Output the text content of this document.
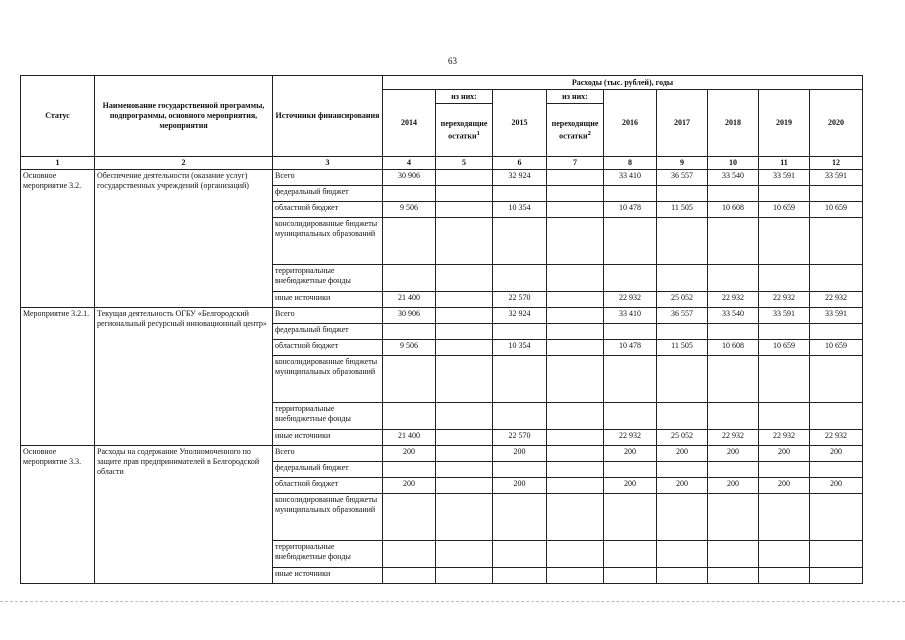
63
Статус	Наименование государственной программы, подпрограммы, основного мероприятия, мероприятия	Источники финансирования	Расходы (тыс. рублей), годы								
			2014	из них:	2015	из них:	2016	2017	2018	2019	2020
				переходящие остатки$^1$		переходящие остатки$^2$
1	2	3	4	5	6	7	8	9	10	11	12
Основное мероприятие 3.2.	Обеспечение деятельности (оказание услуг) государственных учреждений (организаций)	Всего	30 906		32 924		33 410	36 557	33 540	33 591	33 591
		федеральный бюджет									
		областной бюджет	9 506		10 354		10 478	11 505	10 608	10 659	10 659
		консолидированные бюджеты муниципальных образований									
		территориальные внебюджетные фонды									
		иные источники	21 400		22 570		22 932	25 052	22 932	22 932	22 932
Мероприятие 3.2.1.	Текущая деятельность ОГБУ «Белгородский региональный ресурсный инновационный центр»	Всего	30 906		32 924		33 410	36 557	33 540	33 591	33 591
		федеральный бюджет									
		областной бюджет	9 506		10 354		10 478	11 505	10 608	10 659	10 659
		консолидированные бюджеты муниципальных образований									
		территориальные внебюджетные фонды									
		иные источники	21 400		22 570		22 932	25 052	22 932	22 932	22 932
Основное мероприятие 3.3.	Расходы на содержание Уполномоченного по защите прав предпринимателей в Белгородской области	Всего	200		200		200	200	200	200	200
		федеральный бюджет									
		областной бюджет	200		200		200	200	200	200	200
		консолидированные бюджеты муниципальных образований									
		территориальные внебюджетные фонды									
		иные источники									
